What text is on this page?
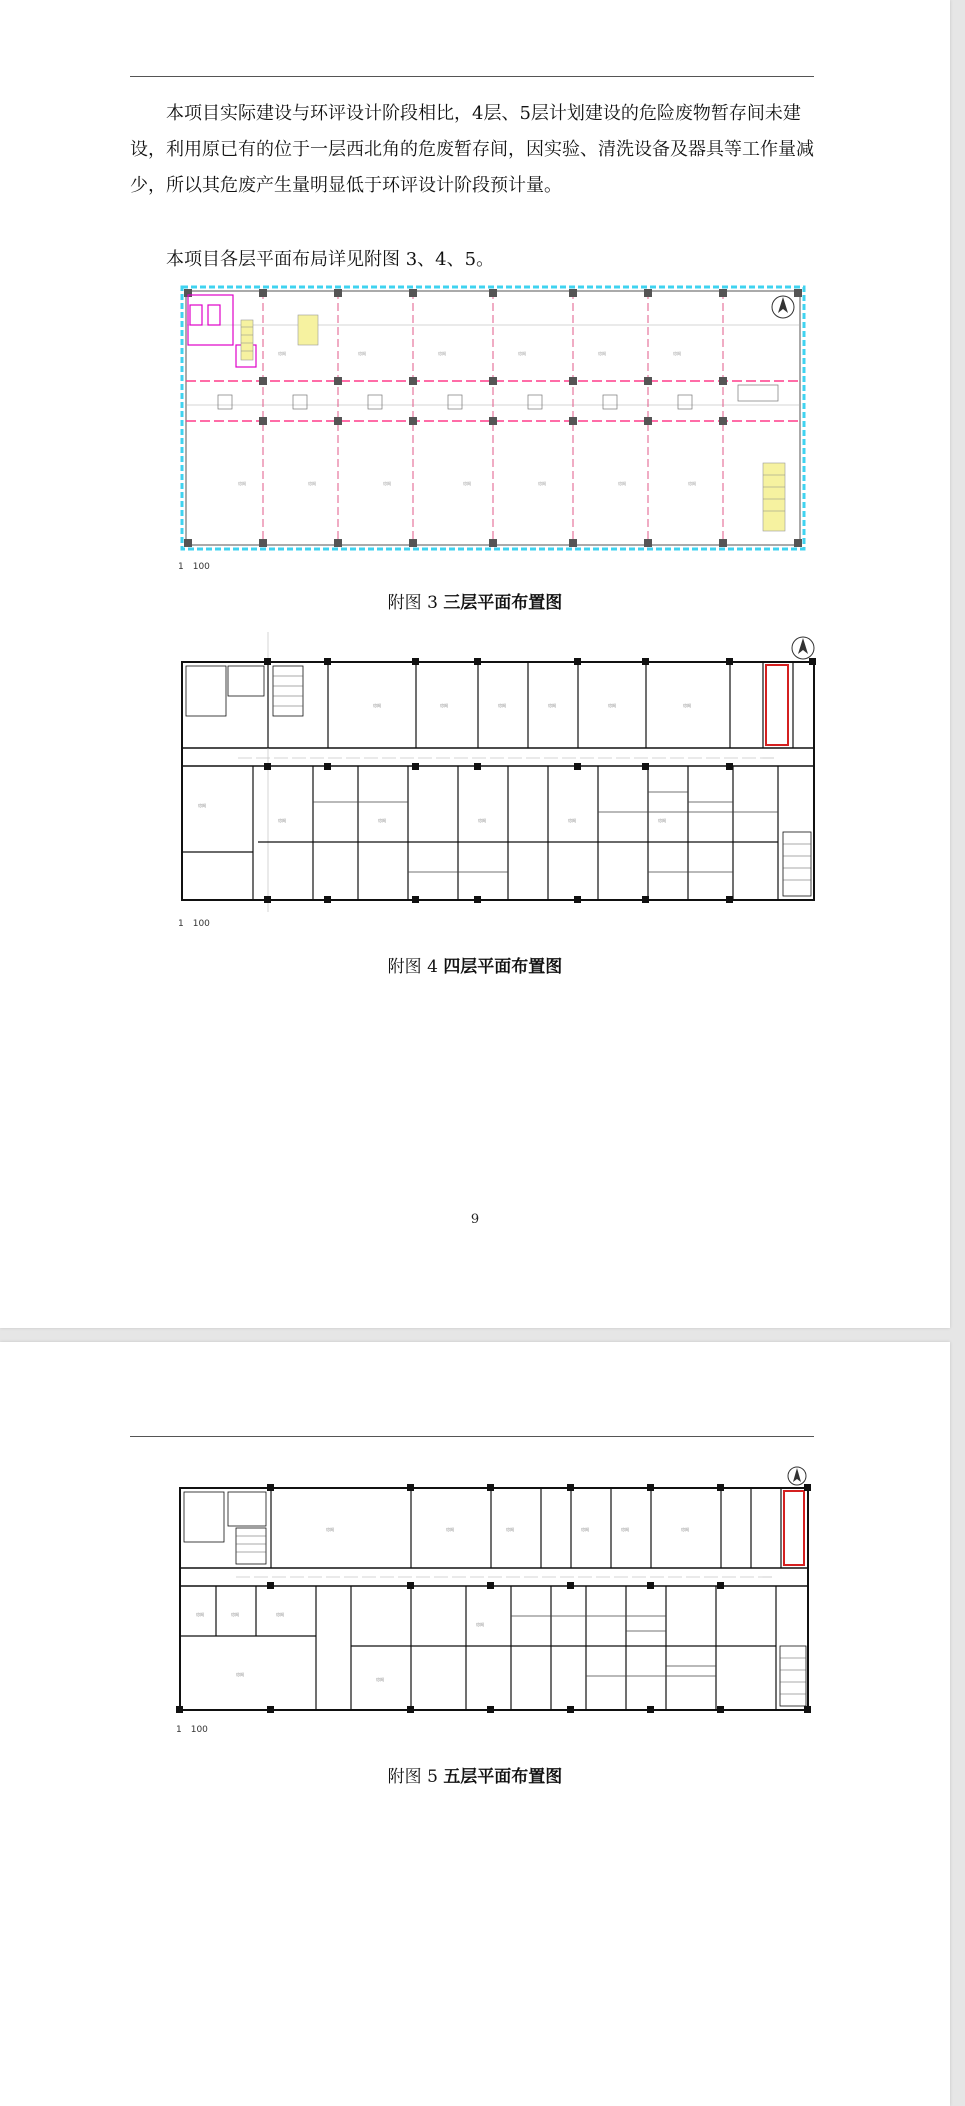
本项目实际建设与环评设计阶段相比，4层、5层计划建设的危险废物暂存间未建设，利用原已有的位于一层西北角的危废暂存间，因实验、清洗设备及器具等工作量减少，所以其危废产生量明显低于环评设计阶段预计量。

本项目各层平面布局详见附图 3、4、5。

房间	房间	房间	房间	房间	房间
房间	房间	房间	房间	房间	房间	房间
1　100
附图 3 三层平面布置图
房间	房间	房间	房间	房间	房间
房间
房间	房间	房间	房间	房间
1　100
附图 4 四层平面布置图
9
房间	房间	房间	房间	房间	房间
房间	房间	房间
房间
房间
房间
1　100
附图 5 五层平面布置图
